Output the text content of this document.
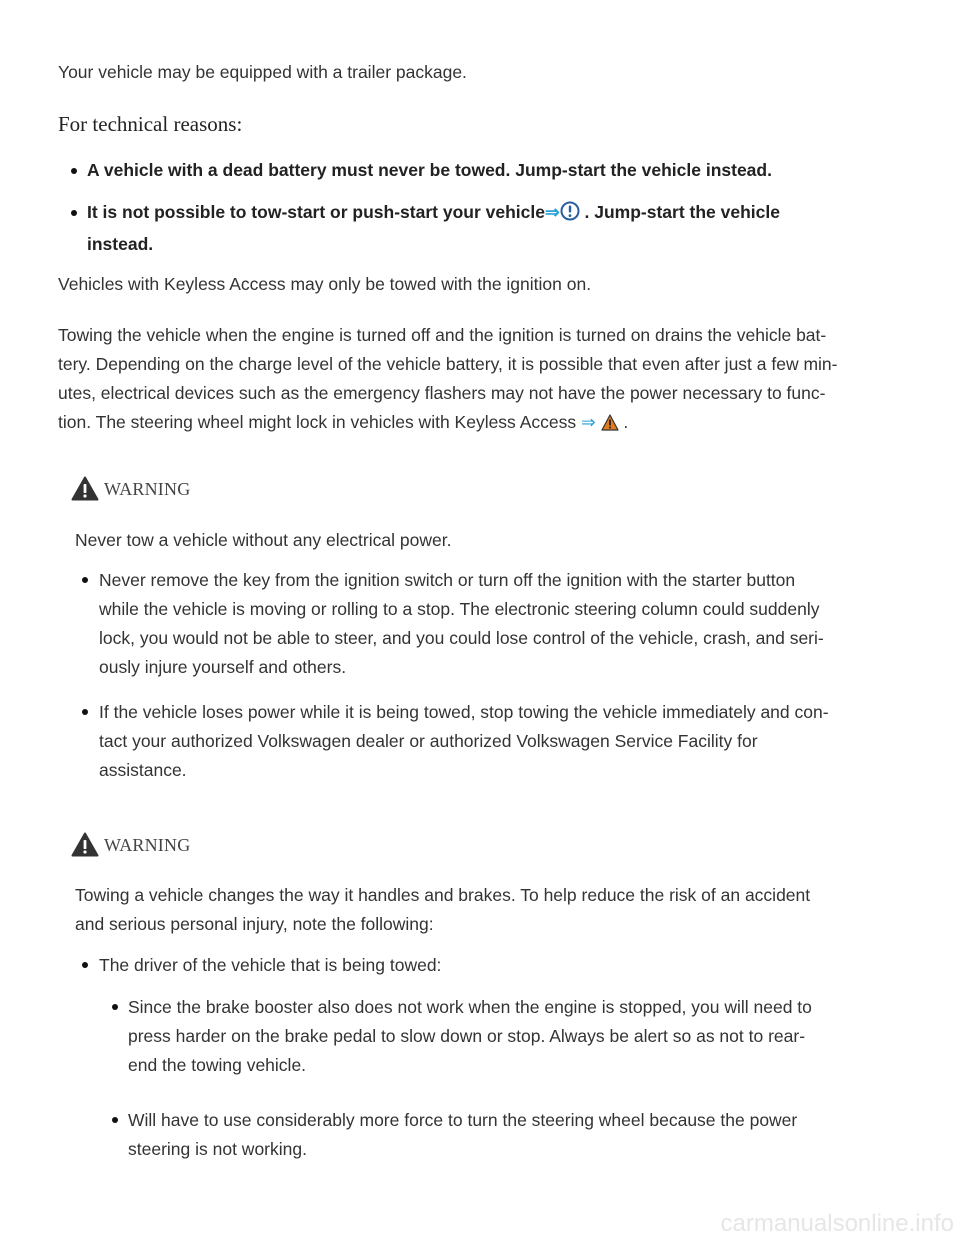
Your vehicle may be equipped with a trailer package.
For technical reasons:
A vehicle with a dead battery must never be towed. Jump-start the vehicle instead.
It is not possible to tow-start or push-start your vehicle⇒ . Jump-start the vehicle
instead.
Vehicles with Keyless Access may only be towed with the ignition on.
Towing the vehicle when the engine is turned off and the ignition is turned on drains the vehicle bat-
tery. Depending on the charge level of the vehicle battery, it is possible that even after just a few min-
utes, electrical devices such as the emergency flashers may not have the power necessary to func-
tion. The steering wheel might lock in vehicles with Keyless Access ⇒  .
WARNING
Never tow a vehicle without any electrical power.
Never remove the key from the ignition switch or turn off the ignition with the starter button
while the vehicle is moving or rolling to a stop. The electronic steering column could suddenly
lock, you would not be able to steer, and you could lose control of the vehicle, crash, and seri-
ously injure yourself and others.
If the vehicle loses power while it is being towed, stop towing the vehicle immediately and con-
tact your authorized Volkswagen dealer or authorized Volkswagen Service Facility for
assistance.
WARNING
Towing a vehicle changes the way it handles and brakes. To help reduce the risk of an accident
and serious personal injury, note the following:
The driver of the vehicle that is being towed:
Since the brake booster also does not work when the engine is stopped, you will need to
press harder on the brake pedal to slow down or stop. Always be alert so as not to rear-
end the towing vehicle.
Will have to use considerably more force to turn the steering wheel because the power
steering is not working.
carmanualsonline.info
